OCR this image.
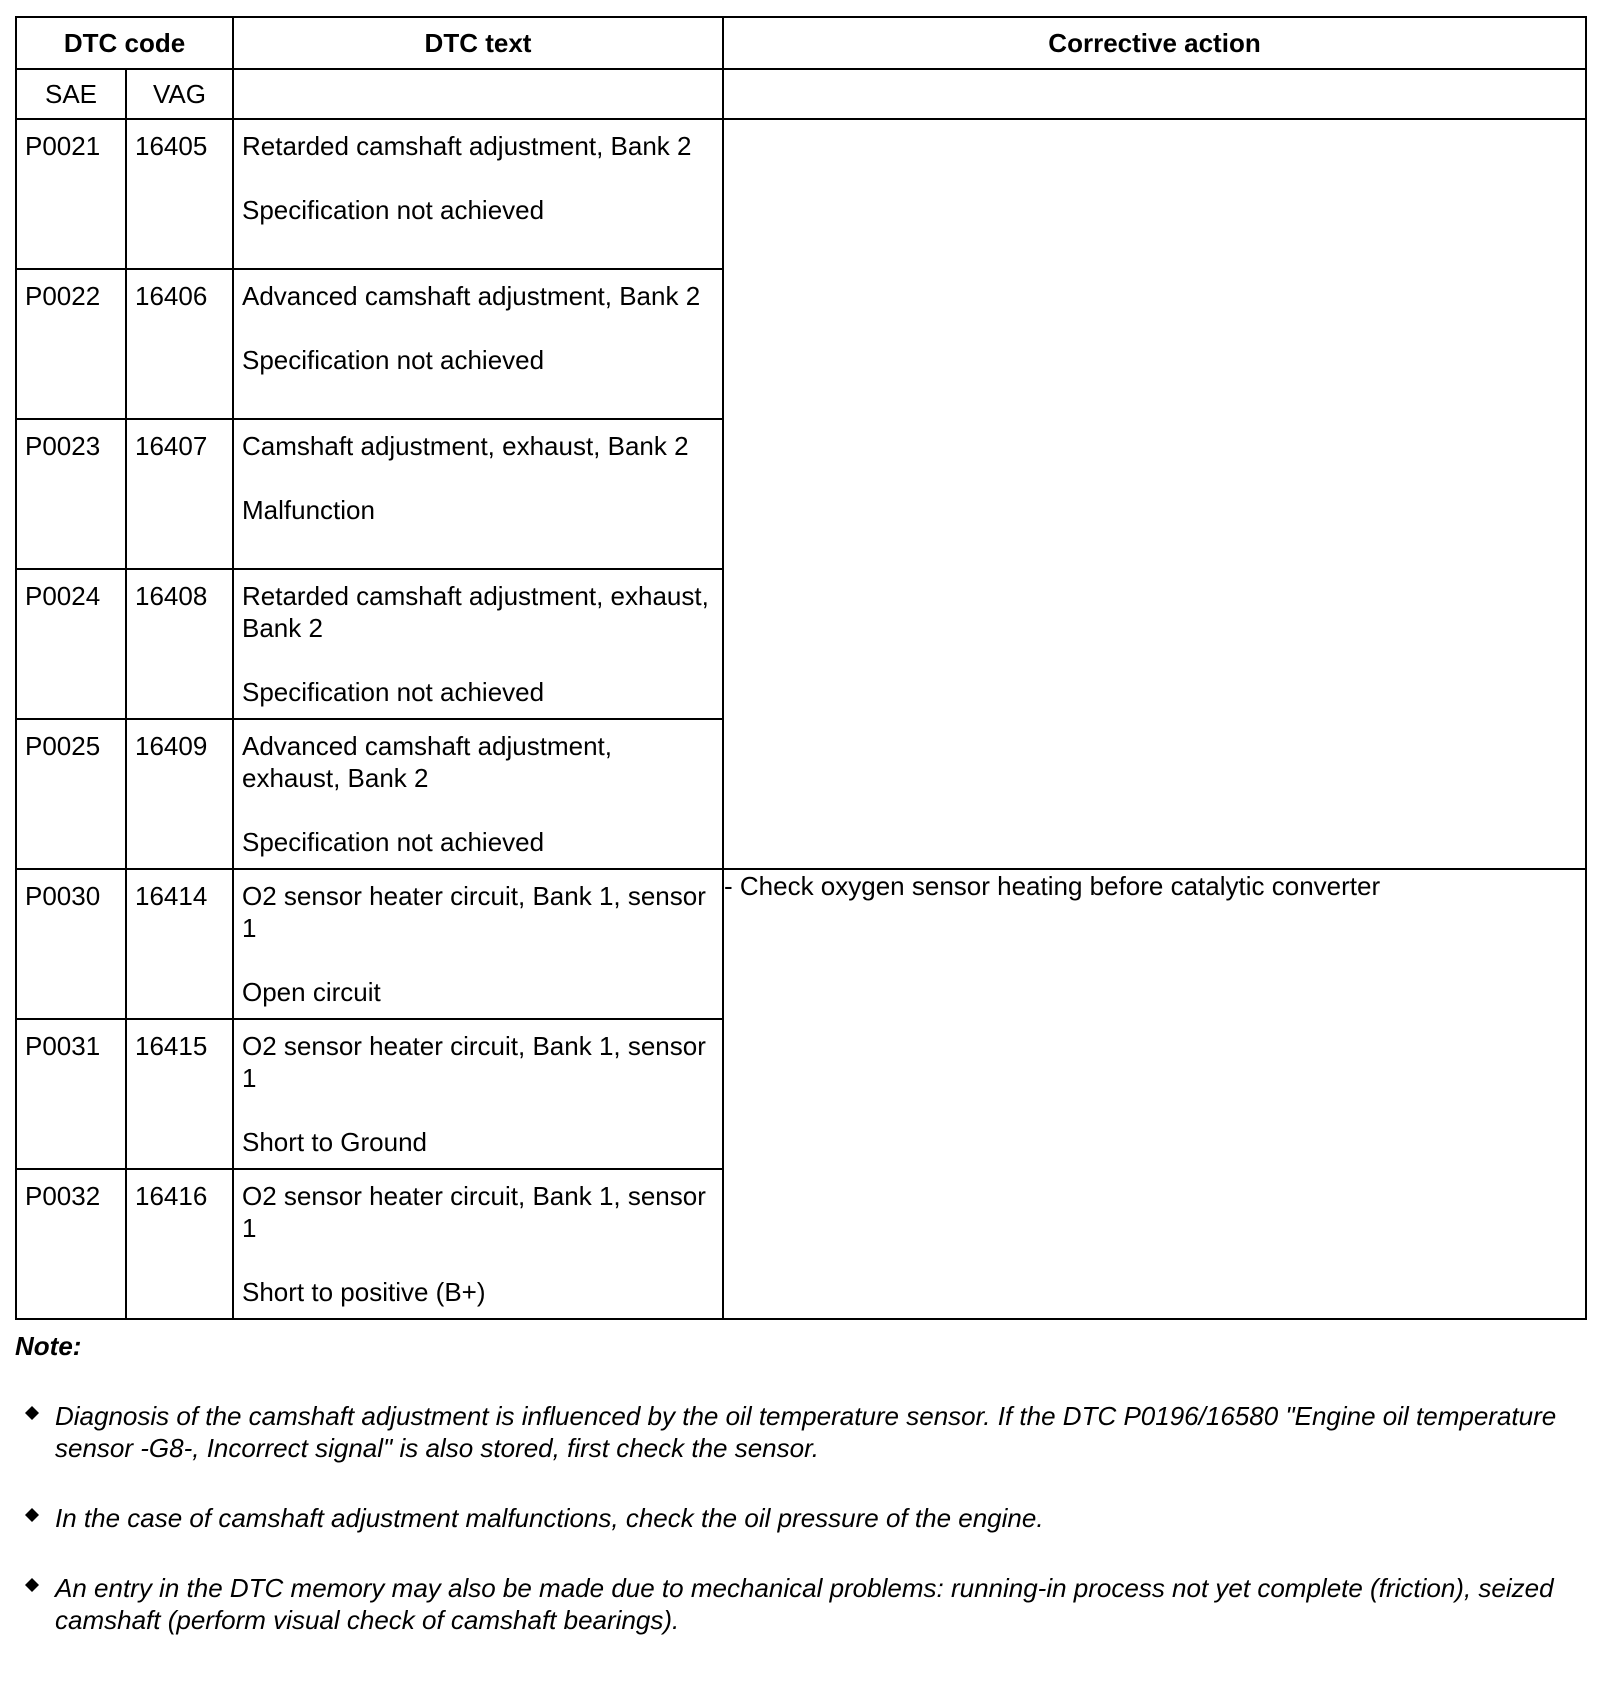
DTC code		DTC text	Corrective action
SAE	VAG		
P0021	16405	Retarded camshaft adjustment, Bank 2
Specification not achieved	

P0022	16406	Advanced camshaft adjustment, Bank 2
Specification not achieved	

P0023	16407	Camshaft adjustment, exhaust, Bank 2
Malfunction	

P0024	16408	Retarded camshaft adjustment, exhaust, Bank 2
Specification not achieved	

P0025	16409	Advanced camshaft adjustment, exhaust, Bank 2
Specification not achieved	

P0030	16414	O2 sensor heater circuit, Bank 1, sensor 1
Open circuit	- Check oxygen sensor heating before catalytic converter
P0031	16415	O2 sensor heater circuit, Bank 1, sensor 1
Short to Ground	

P0032	16416	O2 sensor heater circuit, Bank 1, sensor 1
Short to positive (B+)	
Note:
Diagnosis of the camshaft adjustment is influenced by the oil temperature sensor. If the DTC P0196/16580 "Engine oil temperature sensor -G8-, Incorrect signal" is also stored, first check the sensor.
In the case of camshaft adjustment malfunctions, check the oil pressure of the engine.
An entry in the DTC memory may also be made due to mechanical problems: running-in process not yet complete (friction), seized camshaft (perform visual check of camshaft bearings).
